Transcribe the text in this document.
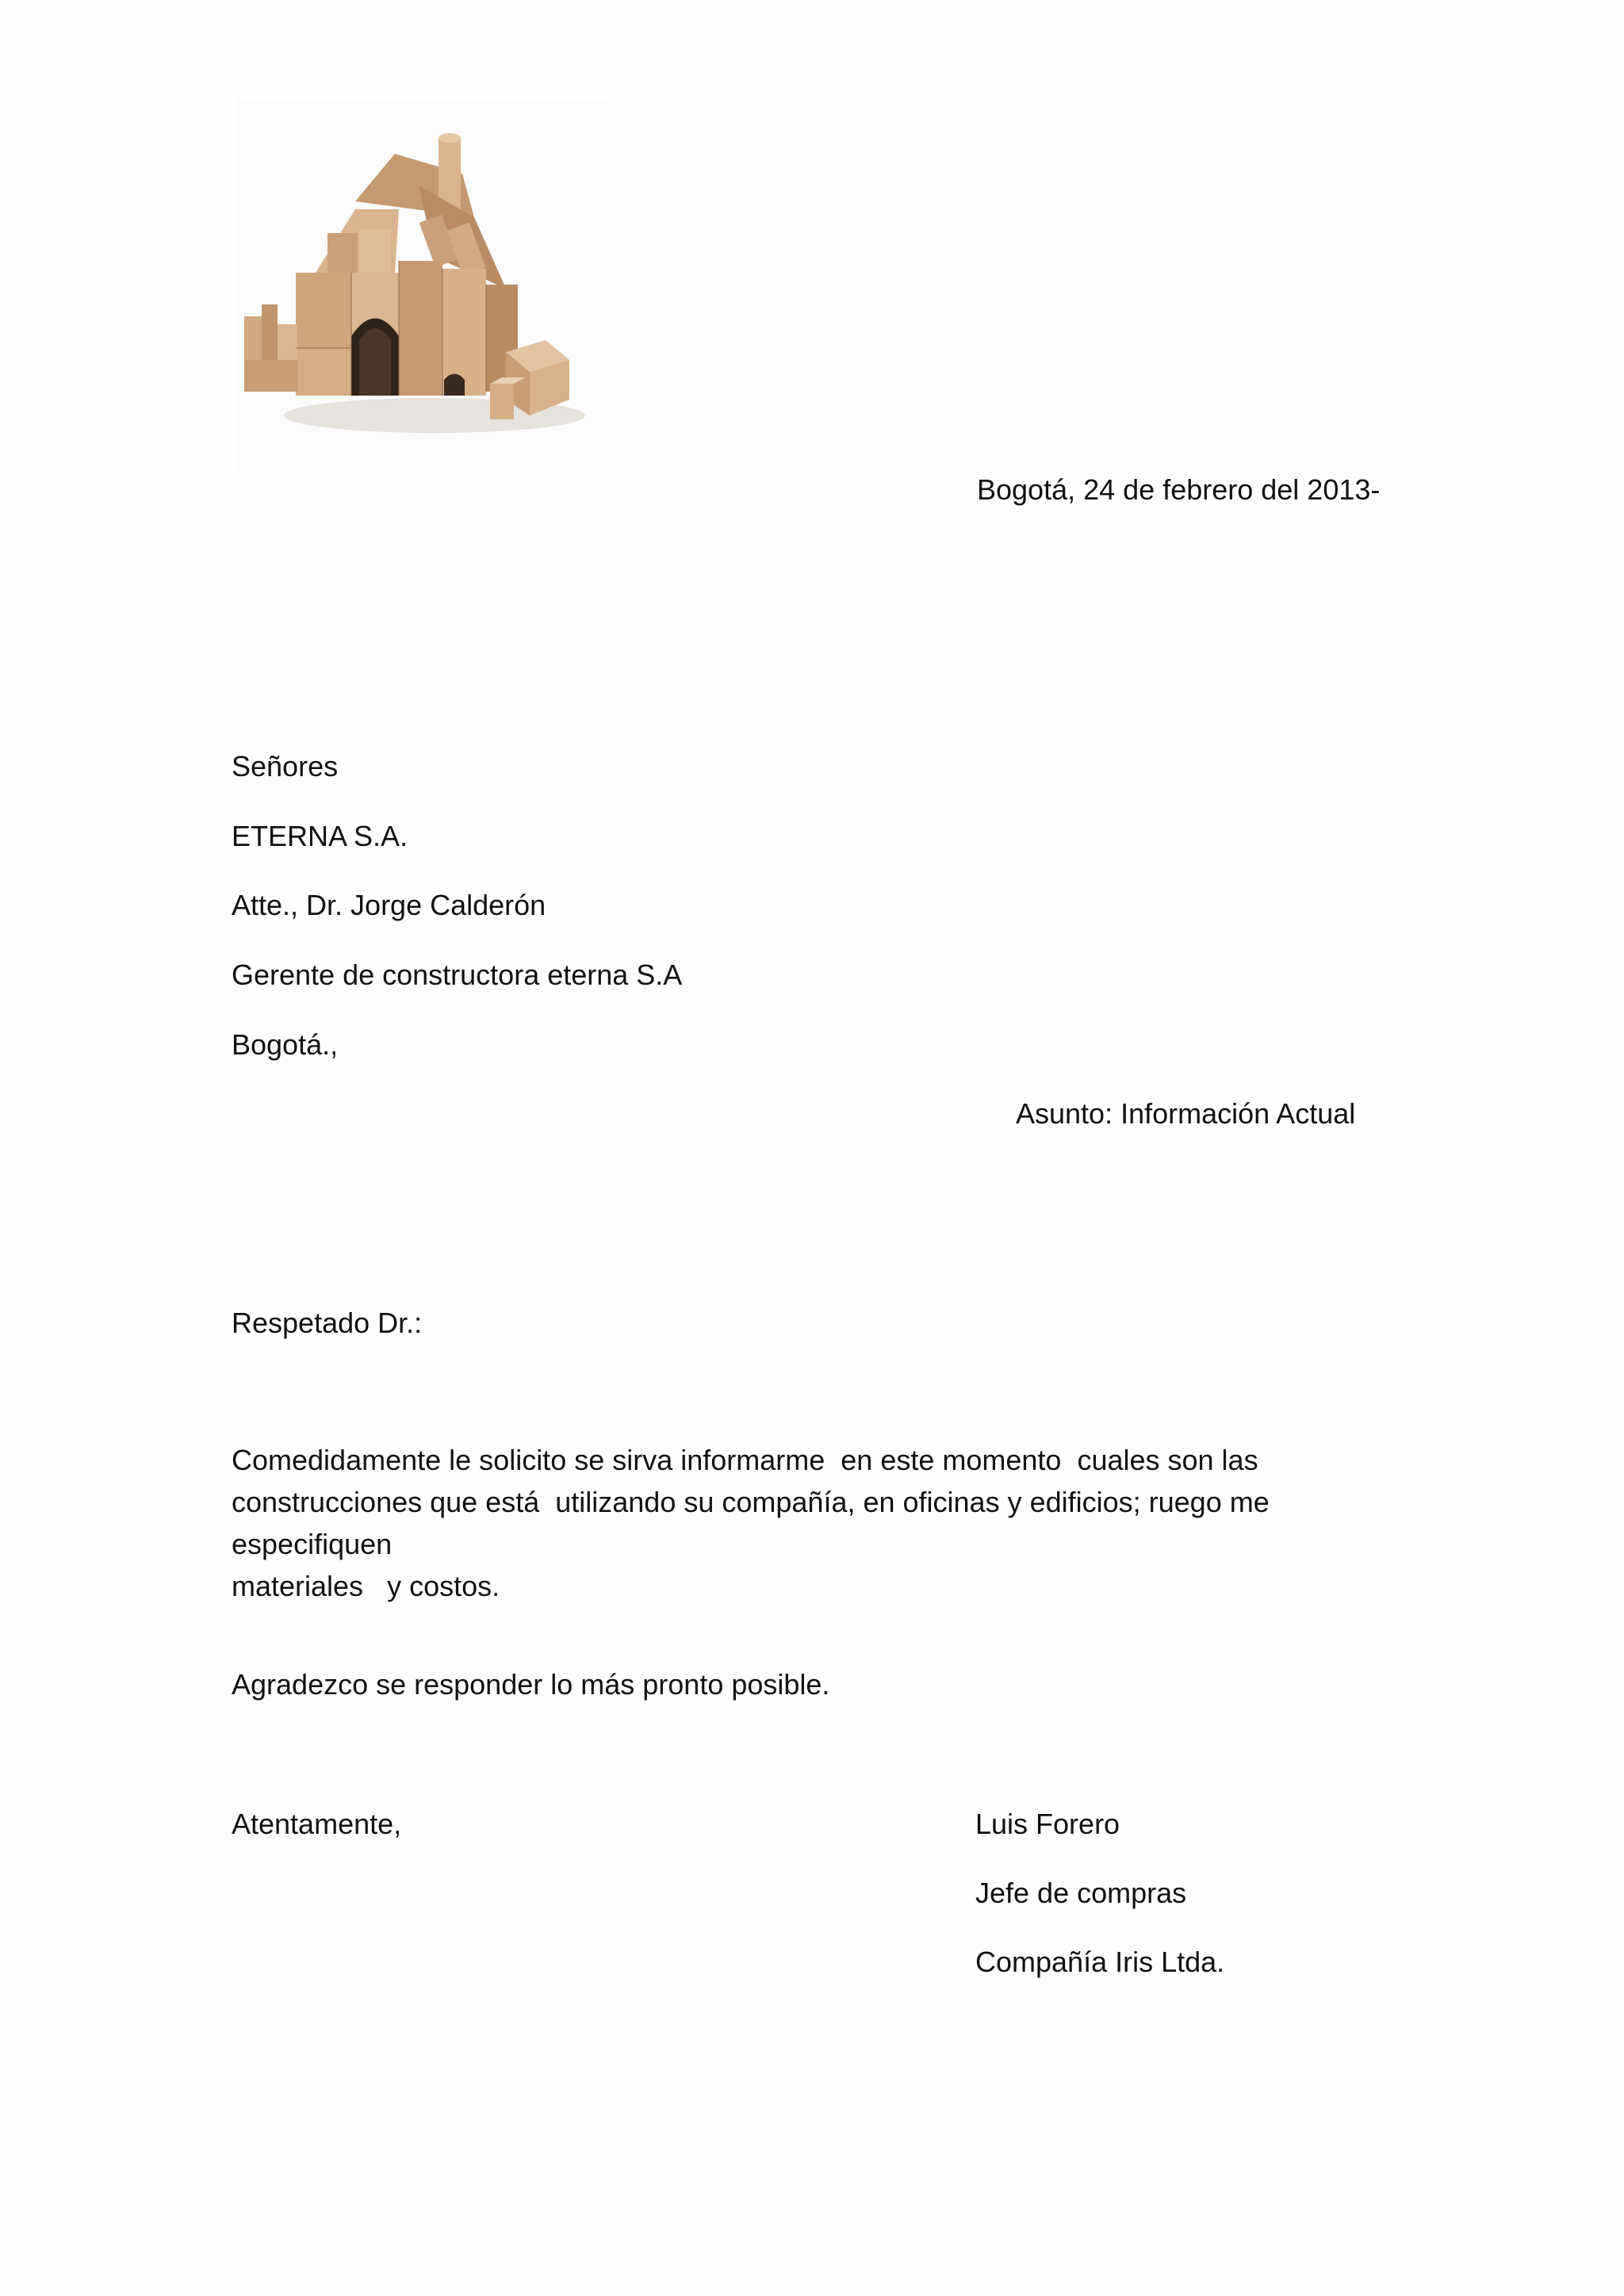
Bogotá, 24 de febrero del 2013-

Señores

ETERNA S.A.

Atte., Dr. Jorge Calderón

Gerente de constructora eterna S.A

Bogotá.,

Asunto: Información Actual

Respetado Dr.:

Comedidamente le solicito se sirva informarme  en este momento  cuales son las
construcciones que está  utilizando su compañía, en oficinas y edificios; ruego me especifiquen
materiales   y costos.

Agradezco se responder lo más pronto posible.

Atentamente,	Luis Forero

Jefe de compras

Compañía Iris Ltda.
